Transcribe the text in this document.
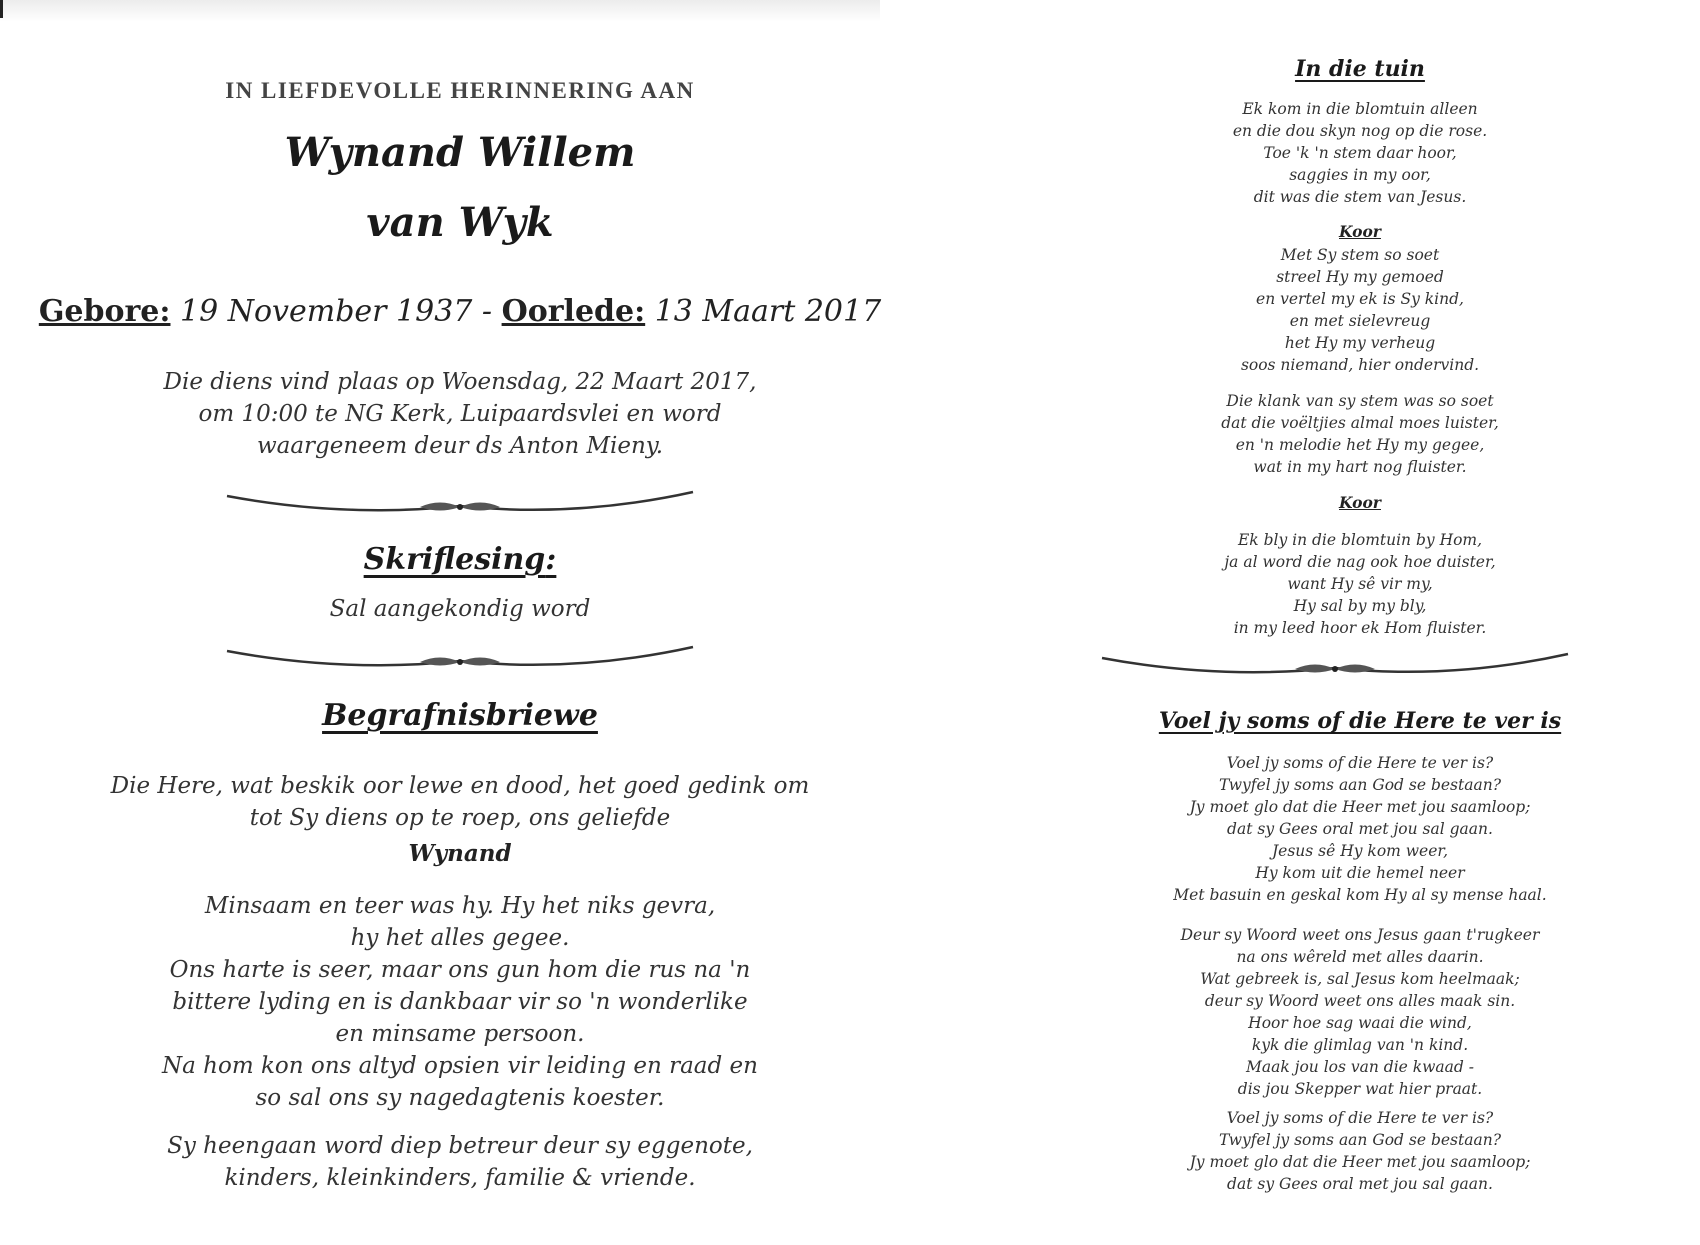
IN LIEFDEVOLLE HERINNERING AAN
Wynand Willem
van Wyk
Gebore: 19 November 1937 - Oorlede: 13 Maart 2017
Die diens vind plaas op Woensdag, 22 Maart 2017,
om 10:00 te NG Kerk, Luipaardsvlei en word
waargeneem deur ds Anton Mieny.
Skriflesing:
Sal aangekondig word
Begrafnisbriewe
Die Here, wat beskik oor lewe en dood, het goed gedink om
tot Sy diens op te roep, ons geliefde
Wynand
Minsaam en teer was hy. Hy het niks gevra,
hy het alles gegee.
Ons harte is seer, maar ons gun hom die rus na 'n
bittere lyding en is dankbaar vir so 'n wonderlike
en minsame persoon.
Na hom kon ons altyd opsien vir leiding en raad en
so sal ons sy nagedagtenis koester.
Sy heengaan word diep betreur deur sy eggenote,
kinders, kleinkinders, familie & vriende.
In die tuin
Ek kom in die blomtuin alleen
en die dou skyn nog op die rose.
Toe 'k 'n stem daar hoor,
saggies in my oor,
dit was die stem van Jesus.
Koor
Met Sy stem so soet
streel Hy my gemoed
en vertel my ek is Sy kind,
en met sielevreug
het Hy my verheug
soos niemand, hier ondervind.
Die klank van sy stem was so soet
dat die voëltjies almal moes luister,
en 'n melodie het Hy my gegee,
wat in my hart nog fluister.
Koor
Ek bly in die blomtuin by Hom,
ja al word die nag ook hoe duister,
want Hy sê vir my,
Hy sal by my bly,
in my leed hoor ek Hom fluister.
Voel jy soms of die Here te ver is
Voel jy soms of die Here te ver is?
Twyfel jy soms aan God se bestaan?
Jy moet glo dat die Heer met jou saamloop;
dat sy Gees oral met jou sal gaan.
Jesus sê Hy kom weer,
Hy kom uit die hemel neer
Met basuin en geskal kom Hy al sy mense haal.
Deur sy Woord weet ons Jesus gaan t'rugkeer
na ons wêreld met alles daarin.
Wat gebreek is, sal Jesus kom heelmaak;
deur sy Woord weet ons alles maak sin.
Hoor hoe sag waai die wind,
kyk die glimlag van 'n kind.
Maak jou los van die kwaad -
dis jou Skepper wat hier praat.
Voel jy soms of die Here te ver is?
Twyfel jy soms aan God se bestaan?
Jy moet glo dat die Heer met jou saamloop;
dat sy Gees oral met jou sal gaan.
